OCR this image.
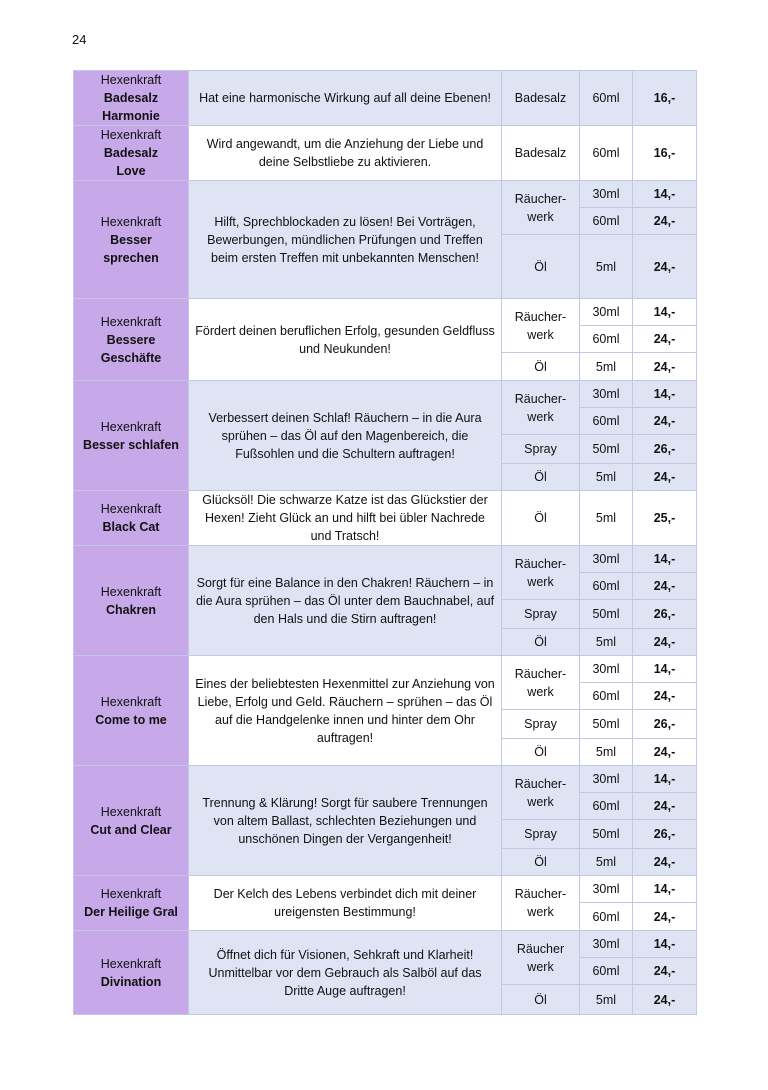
24
Hexenkraft
Badesalz
Harmonie	Hat eine harmonische Wirkung auf all deine Ebenen!	Badesalz	60ml	16,-

Hexenkraft
Badesalz
Love	Wird angewandt, um die Anziehung der Liebe und deine Selbstliebe zu aktivieren.	Badesalz	60ml	16,-

Hexenkraft
Besser
sprechen	Hilft, Sprechblockaden zu lösen! Bei Vorträgen, Bewerbungen, mündlichen Prüfungen und Treffen beim ersten Treffen mit unbekannten Menschen!	Räucher-werk	30ml	14,-
			60ml	24,-
		Öl	5ml	24,-

Hexenkraft
Bessere
Geschäfte	Fördert deinen beruflichen Erfolg, gesunden Geldfluss und Neukunden!	Räucher-werk	30ml	14,-
			60ml	24,-
		Öl	5ml	24,-

Hexenkraft
Besser schlafen	Verbessert deinen Schlaf! Räuchern – in die Aura sprühen – das Öl auf den Magenbereich, die Fußsohlen und die Schultern auftragen!	Räucher-werk	30ml	14,-
			60ml	24,-
		Spray	50ml	26,-
		Öl	5ml	24,-

Hexenkraft
Black Cat	Glücksöl! Die schwarze Katze ist das Glückstier der Hexen! Zieht Glück an und hilft bei übler Nachrede und Tratsch!	Öl	5ml	25,-

Hexenkraft
Chakren	Sorgt für eine Balance in den Chakren! Räuchern – in die Aura sprühen – das Öl unter dem Bauchnabel, auf den Hals und die Stirn auftragen!	Räucher-werk	30ml	14,-
			60ml	24,-
		Spray	50ml	26,-
		Öl	5ml	24,-

Hexenkraft
Come to me	Eines der beliebtesten Hexenmittel zur Anziehung von Liebe, Erfolg und Geld. Räuchern – sprühen – das Öl auf die Handgelenke innen und hinter dem Ohr auftragen!	Räucher-werk	30ml	14,-
			60ml	24,-
		Spray	50ml	26,-
		Öl	5ml	24,-

Hexenkraft
Cut and Clear	Trennung & Klärung! Sorgt für saubere Trennungen von altem Ballast, schlechten Beziehungen und unschönen Dingen der Vergangenheit!	Räucher-werk	30ml	14,-
			60ml	24,-
		Spray	50ml	26,-
		Öl	5ml	24,-

Hexenkraft
Der Heilige Gral	Der Kelch des Lebens verbindet dich mit deiner ureigensten Bestimmung!	Räucher-werk	30ml	14,-
			60ml	24,-

Hexenkraft
Divination	Öffnet dich für Visionen, Sehkraft und Klarheit! Unmittelbar vor dem Gebrauch als Salböl auf das Dritte Auge auftragen!	Räucher werk	30ml	14,-
			60ml	24,-
		Öl	5ml	24,-
